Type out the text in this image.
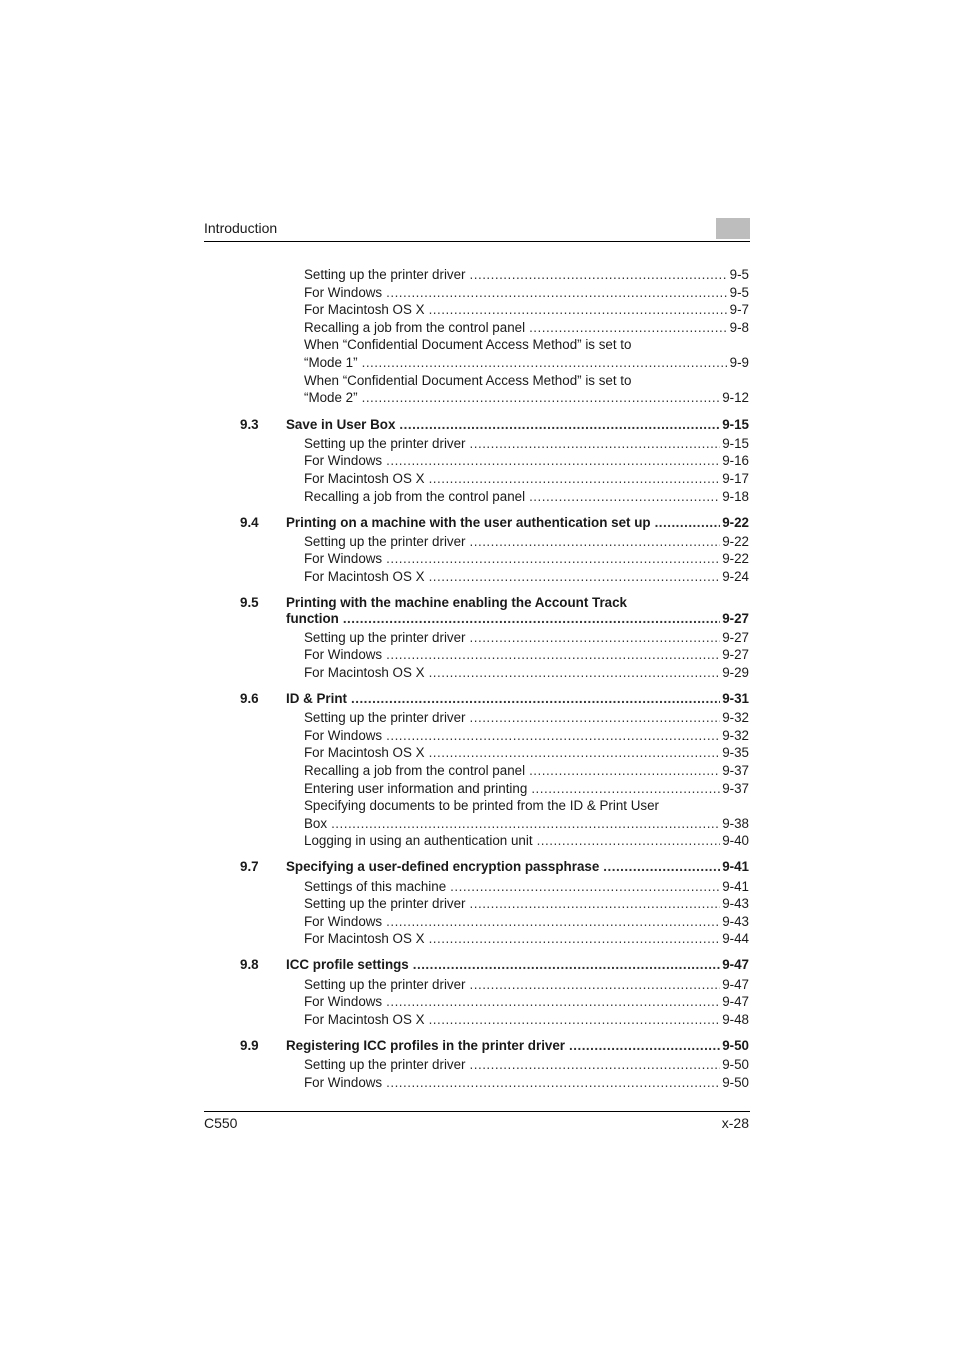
Introduction
Setting up the printer driver .....	9-5
For Windows .....	9-5
For Macintosh OS X .....	9-7
Recalling a job from the control panel .....	9-8
When “Confidential Document Access Method” is set to
“Mode 1” .....	9-9
When “Confidential Document Access Method” is set to
“Mode 2” .....	9-12
9.3 Save in User Box .....	9-15
Setting up the printer driver .....	9-15
For Windows .....	9-16
For Macintosh OS X .....	9-17
Recalling a job from the control panel .....	9-18
9.4 Printing on a machine with the user authentication set up .....	9-22
Setting up the printer driver .....	9-22
For Windows .....	9-22
For Macintosh OS X .....	9-24
9.5 Printing with the machine enabling the Account Track
function .....	9-27
Setting up the printer driver .....	9-27
For Windows .....	9-27
For Macintosh OS X .....	9-29
9.6 ID & Print .....	9-31
Setting up the printer driver .....	9-32
For Windows .....	9-32
For Macintosh OS X .....	9-35
Recalling a job from the control panel .....	9-37
Entering user information and printing .....	9-37
Specifying documents to be printed from the ID & Print User
Box .....	9-38
Logging in using an authentication unit .....	9-40
9.7 Specifying a user-defined encryption passphrase .....	9-41
Settings of this machine .....	9-41
Setting up the printer driver .....	9-43
For Windows .....	9-43
For Macintosh OS X .....	9-44
9.8 ICC profile settings .....	9-47
Setting up the printer driver .....	9-47
For Windows .....	9-47
For Macintosh OS X .....	9-48
9.9 Registering ICC profiles in the printer driver .....	9-50
Setting up the printer driver .....	9-50
For Windows .....	9-50
C550	x-28
